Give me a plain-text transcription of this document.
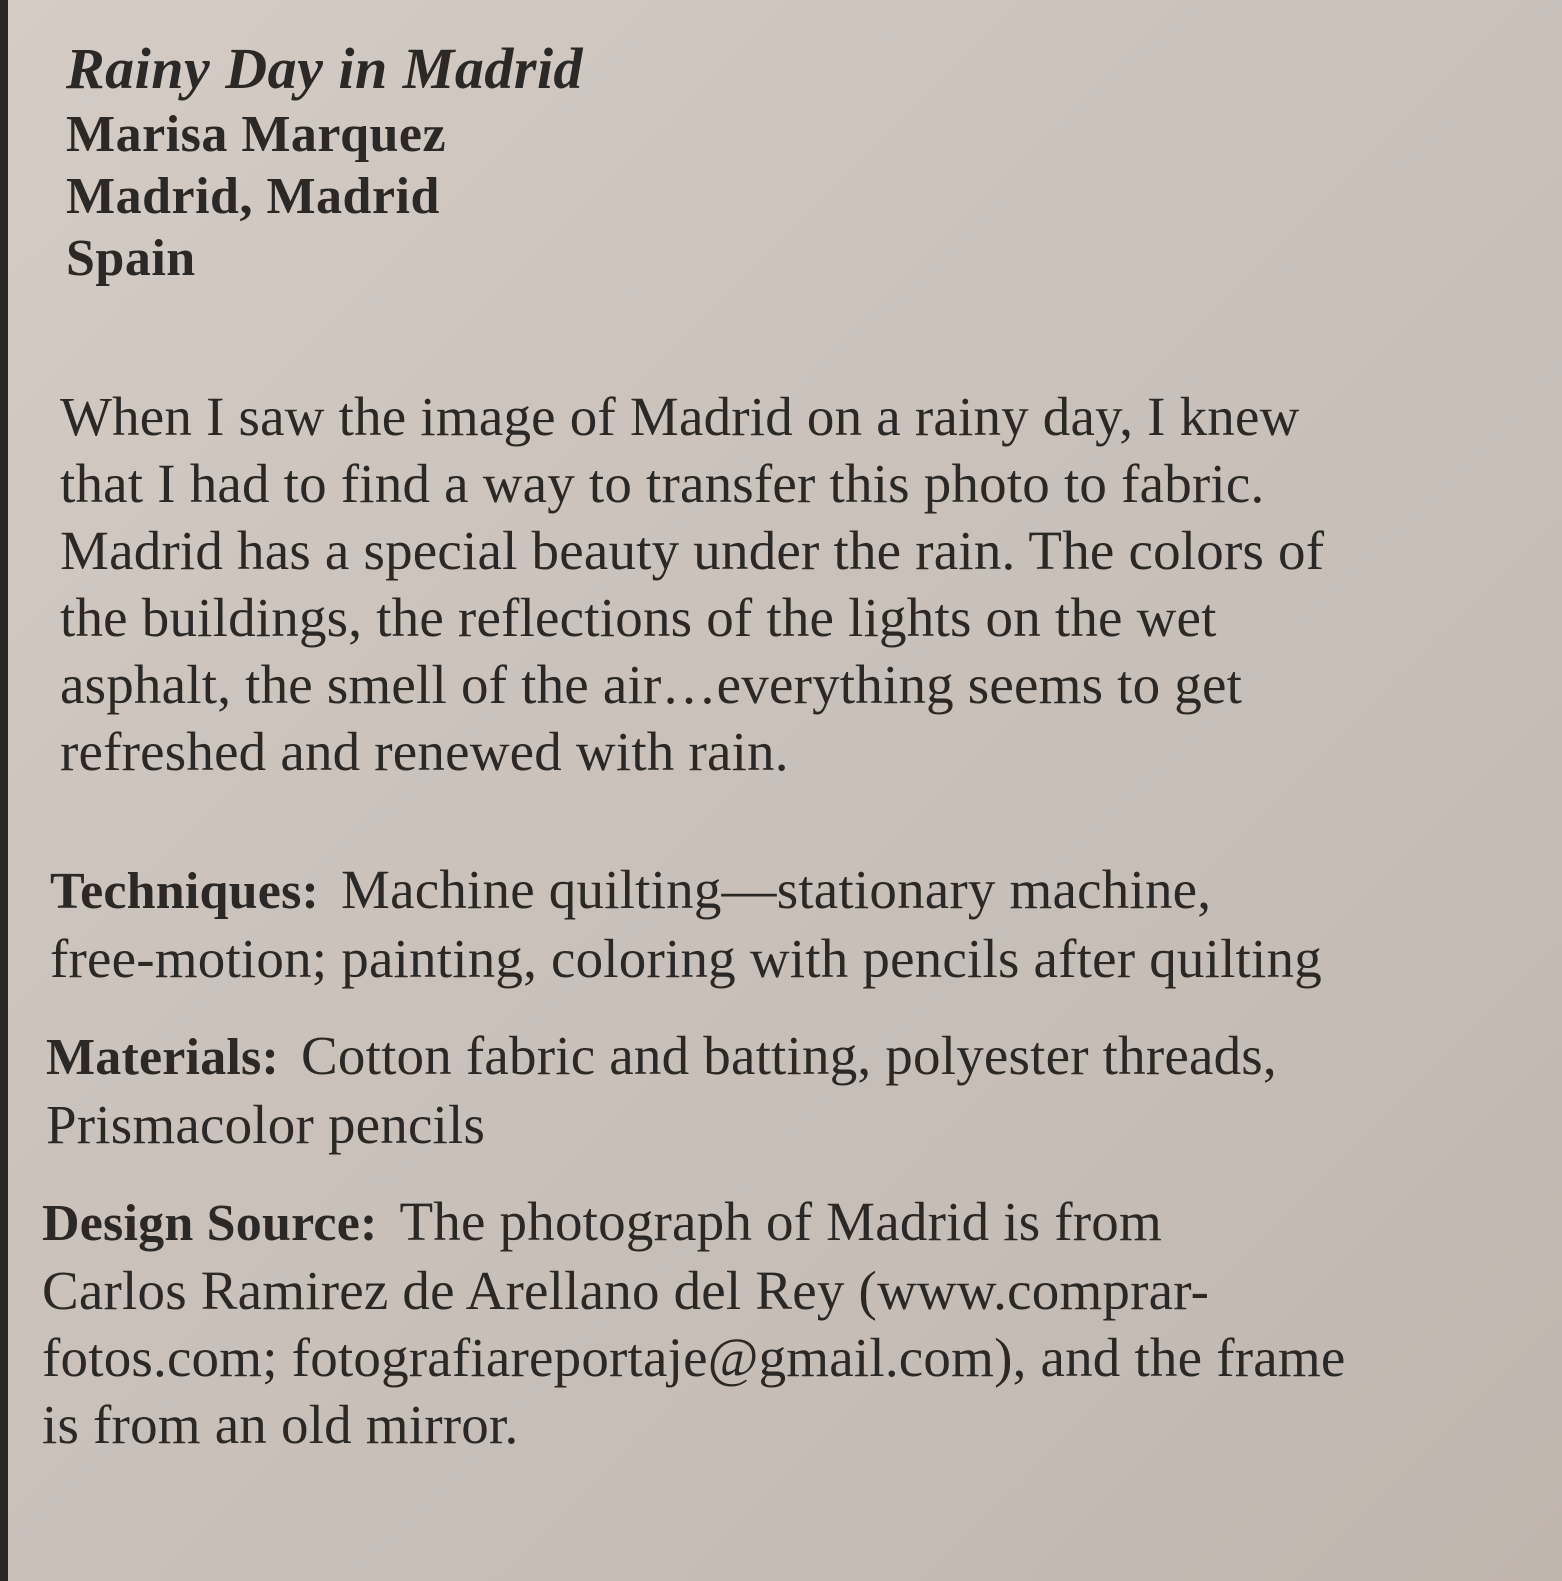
Rainy Day in Madrid

Marisa Marquez

Madrid, Madrid

Spain

When I saw the image of Madrid on a rainy day, I knew
that I had to find a way to transfer this photo to fabric.
Madrid has a special beauty under the rain. The colors of
the buildings, the reflections of the lights on the wet
asphalt, the smell of the air…everything seems to get
refreshed and renewed with rain.

Techniques: Machine quilting—stationary machine,
free-motion; painting, coloring with pencils after quilting

Materials: Cotton fabric and batting, polyester threads,
Prismacolor pencils

Design Source: The photograph of Madrid is from
Carlos Ramirez de Arellano del Rey (www.comprar-
fotos.com; fotografiareportaje@gmail.com), and the frame
is from an old mirror.
